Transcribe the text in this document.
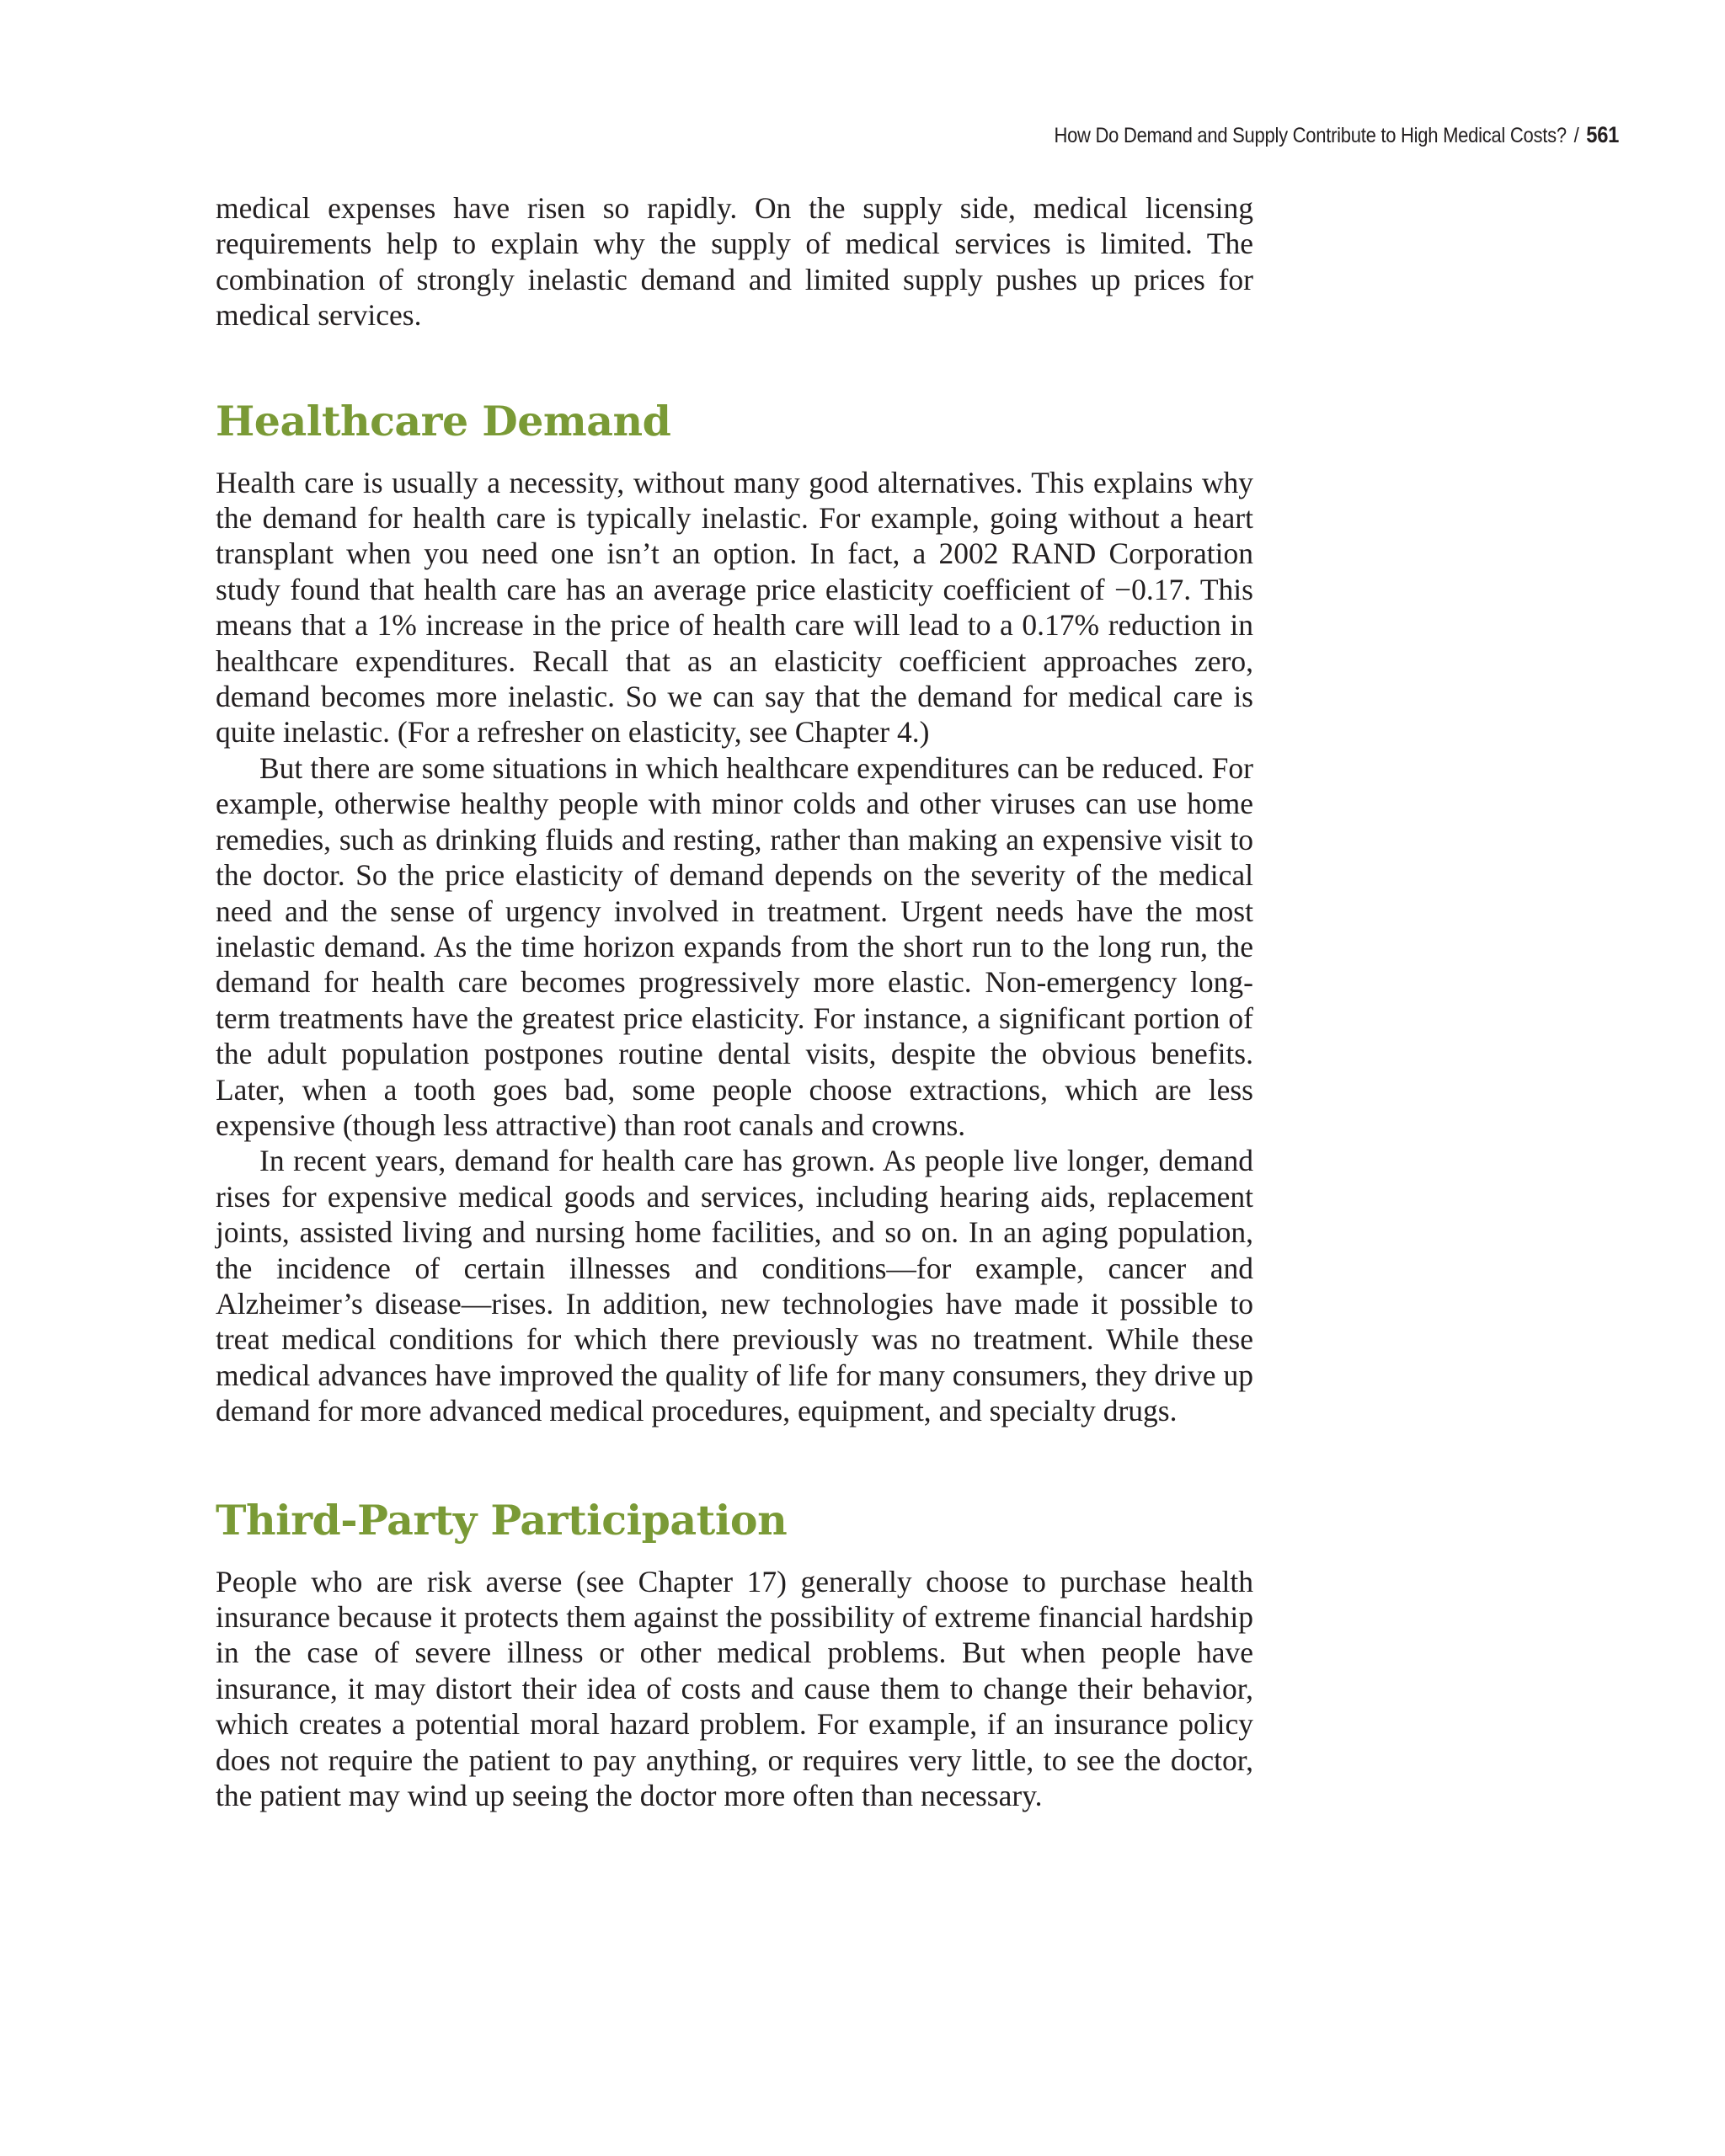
How Do Demand and Supply Contribute to High Medical Costs? / 561

medical expenses have risen so rapidly. On the supply side, medical licensing requirements help to explain why the supply of medical services is limited. The combination of strongly inelastic demand and limited supply pushes up prices for medical services.

Healthcare Demand

Health care is usually a necessity, without many good alternatives. This explains why the demand for health care is typically inelastic. For example, going without a heart transplant when you need one isn’t an option. In fact, a 2002 RAND Corporation study found that health care has an average price elasticity coefficient of −0.17. This means that a 1% increase in the price of health care will lead to a 0.17% reduction in healthcare expenditures. Recall that as an elasticity coefficient approaches zero, demand becomes more inelastic. So we can say that the demand for medical care is quite inelastic. (For a refresher on elasticity, see Chapter 4.)

But there are some situations in which healthcare expenditures can be reduced. For example, otherwise healthy people with minor colds and other viruses can use home remedies, such as drinking fluids and resting, rather than making an expensive visit to the doctor. So the price elasticity of demand depends on the severity of the medical need and the sense of urgency involved in treatment. Urgent needs have the most inelastic demand. As the time horizon expands from the short run to the long run, the demand for health care becomes progressively more elastic. Non-emergency long-term treatments have the greatest price elasticity. For instance, a significant portion of the adult population postpones routine dental visits, despite the obvious benefits. Later, when a tooth goes bad, some people choose extractions, which are less expensive (though less attractive) than root canals and crowns.

In recent years, demand for health care has grown. As people live longer, demand rises for expensive medical goods and services, including hearing aids, replacement joints, assisted living and nursing home facilities, and so on. In an aging population, the incidence of certain illnesses and conditions—for example, cancer and Alzheimer’s disease—rises. In addition, new technologies have made it possible to treat medical conditions for which there previously was no treatment. While these medical advances have improved the quality of life for many consumers, they drive up demand for more advanced medical procedures, equipment, and specialty drugs.

Third-Party Participation

People who are risk averse (see Chapter 17) generally choose to purchase health insurance because it protects them against the possibility of extreme financial hardship in the case of severe illness or other medical problems. But when people have insurance, it may distort their idea of costs and cause them to change their behavior, which creates a potential moral hazard problem. For example, if an insurance policy does not require the patient to pay anything, or requires very little, to see the doctor, the patient may wind up seeing the doctor more often than necessary.
